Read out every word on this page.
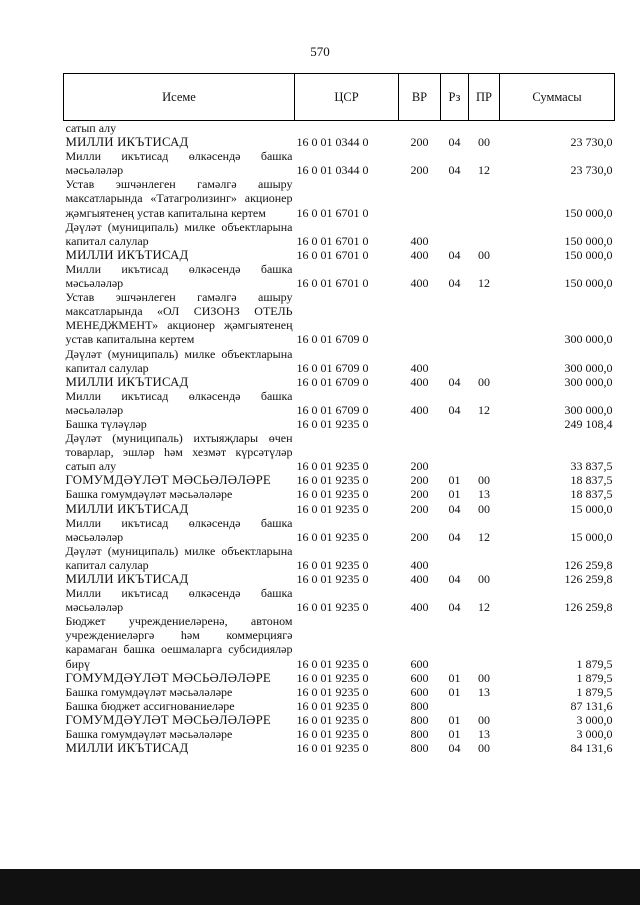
570
Исеме	ЦСР	ВР	Рз	ПР	Суммасы
сатып алу					
МИЛЛИ ИКЪТИСАД	16 0 01 0344 0	200	04	00	23 730,0
Милли икътисад өлкәсендә башка мәсьәләләр	16 0 01 0344 0	200	04	12	23 730,0
Устав эшчәнлеген гамәлгә ашыру максатларында «Татагролизинг» акционер җәмгыятенең устав капиталына кертем	16 0 01 6701 0				150 000,0
Дәүләт (муниципаль) милке объектларына капитал салулар	16 0 01 6701 0	400			150 000,0
МИЛЛИ ИКЪТИСАД	16 0 01 6701 0	400	04	00	150 000,0
Милли икътисад өлкәсендә башка мәсьәләләр	16 0 01 6701 0	400	04	12	150 000,0
Устав эшчәнлеген гамәлгә ашыру максатларында «ОЛ СИЗОНЗ ОТЕЛЬ МЕНЕДЖМЕНТ» акционер җәмгыятенең устав капиталына кертем	16 0 01 6709 0				300 000,0
Дәүләт (муниципаль) милке объектларына капитал салулар	16 0 01 6709 0	400			300 000,0
МИЛЛИ ИКЪТИСАД	16 0 01 6709 0	400	04	00	300 000,0
Милли икътисад өлкәсендә башка мәсьәләләр	16 0 01 6709 0	400	04	12	300 000,0
Башка түләүләр	16 0 01 9235 0				249 108,4
Дәүләт (муниципаль) ихтыяҗлары өчен товарлар, эшләр һәм хезмәт күрсәтүләр сатып алу	16 0 01 9235 0	200			33 837,5
ГОМУМДӘҮЛӘТ МӘСЬӘЛӘЛӘРЕ	16 0 01 9235 0	200	01	00	18 837,5
Башка гомумдәүләт мәсьәләләре	16 0 01 9235 0	200	01	13	18 837,5
МИЛЛИ ИКЪТИСАД	16 0 01 9235 0	200	04	00	15 000,0
Милли икътисад өлкәсендә башка мәсьәләләр	16 0 01 9235 0	200	04	12	15 000,0
Дәүләт (муниципаль) милке объектларына капитал салулар	16 0 01 9235 0	400			126 259,8
МИЛЛИ ИКЪТИСАД	16 0 01 9235 0	400	04	00	126 259,8
Милли икътисад өлкәсендә башка мәсьәләләр	16 0 01 9235 0	400	04	12	126 259,8
Бюджет учреждениеләренә, автоном учреждениеләргә һәм коммерциягә карамаган башка оешмаларга субсидияләр бирү	16 0 01 9235 0	600			1 879,5
ГОМУМДӘҮЛӘТ МӘСЬӘЛӘЛӘРЕ	16 0 01 9235 0	600	01	00	1 879,5
Башка гомумдәүләт мәсьәләләре	16 0 01 9235 0	600	01	13	1 879,5
Башка бюджет ассигнованиеләре	16 0 01 9235 0	800			87 131,6
ГОМУМДӘҮЛӘТ МӘСЬӘЛӘЛӘРЕ	16 0 01 9235 0	800	01	00	3 000,0
Башка гомумдәүләт мәсьәләләре	16 0 01 9235 0	800	01	13	3 000,0
МИЛЛИ ИКЪТИСАД	16 0 01 9235 0	800	04	00	84 131,6
